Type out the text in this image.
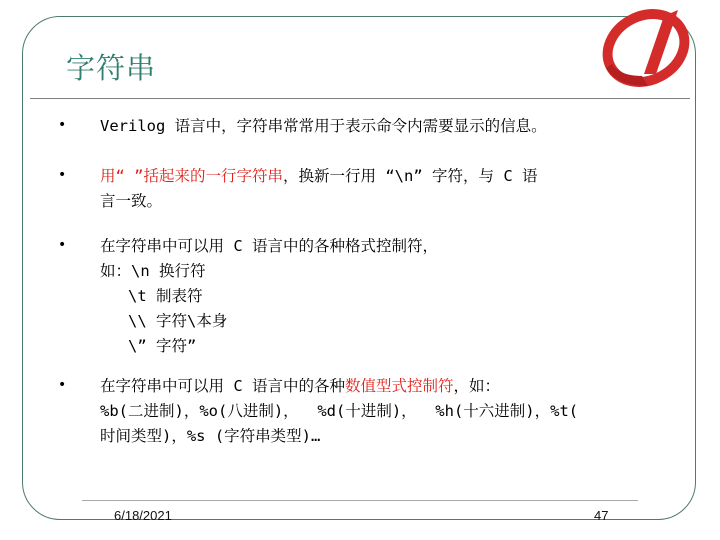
字符串
• Verilog 语言中，字符串常常用于表示命令内需要显示的信息。
• 用“ ”括起来的一行字符串，换新一行用 “\n” 字符，与 C 语
言一致。
• 在字符串中可以用 C 语言中的各种格式控制符，
如：\n 换行符
\t 制表符
\\ 字符\本身
\” 字符”
• 在字符串中可以用 C 语言中的各种数值型式控制符，如：
%b(二进制)，%o(八进制)，  %d(十进制)，  %h(十六进制)，%t(
时间类型)，%s (字符串类型)…
6/18/2021	47
